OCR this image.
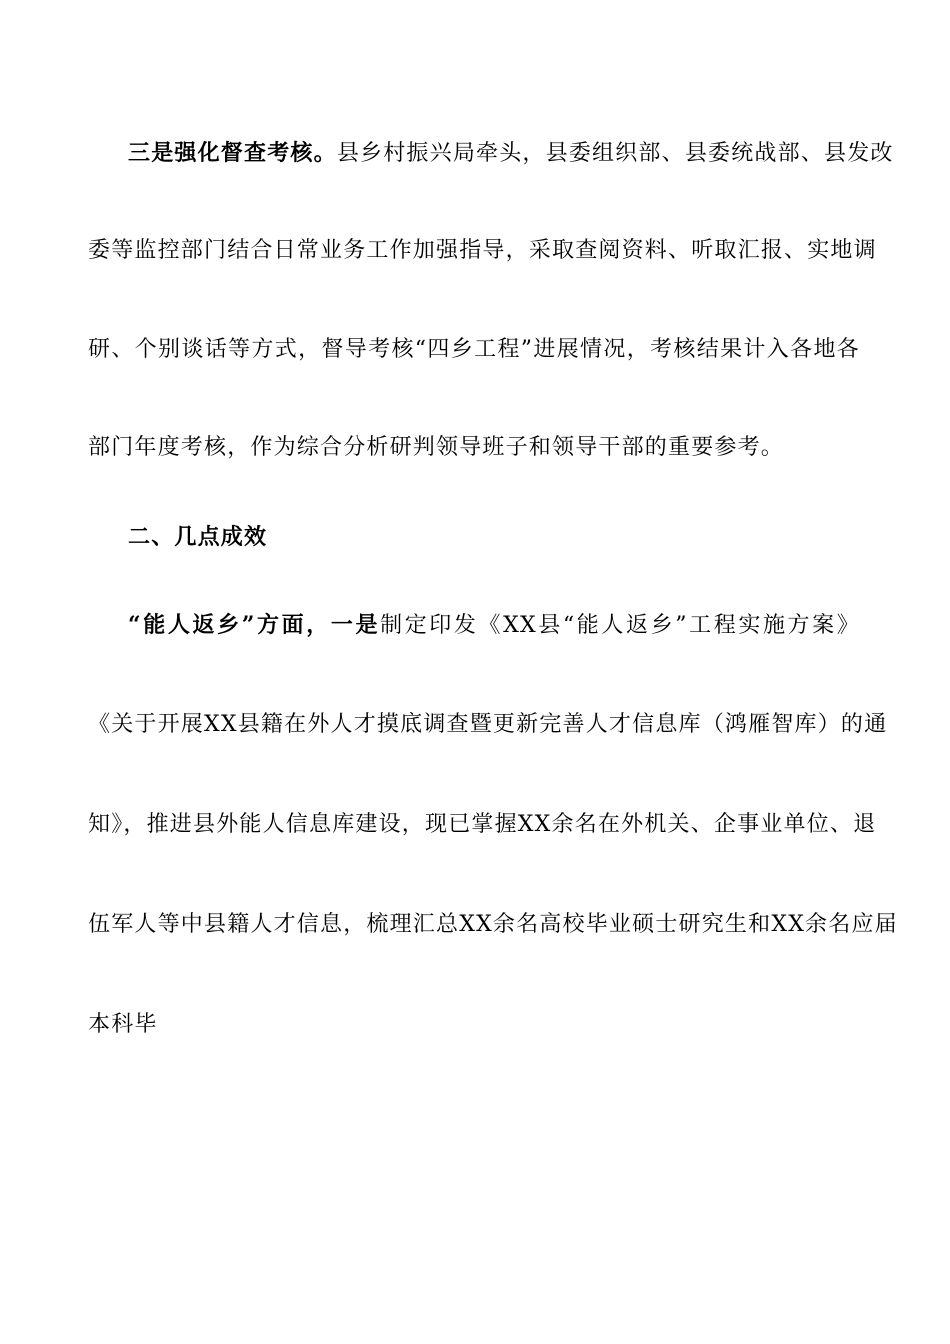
三是强化督查考核。县乡村振兴局牵头，县委组织部、县委统战部、县发改
委等监控部门结合日常业务工作加强指导，采取查阅资料、听取汇报、实地调
研、个别谈话等方式，督导考核“四乡工程”进展情况，考核结果计入各地各
部门年度考核，作为综合分析研判领导班子和领导干部的重要参考。
二、几点成效
“能人返乡”方面，一是制定印发《XX县“能人返乡”工程实施方案》
《关于开展XX县籍在外人才摸底调查暨更新完善人才信息库（鸿雁智库）的通
知》，推进县外能人信息库建设，现已掌握XX余名在外机关、企事业单位、退
伍军人等中县籍人才信息，梳理汇总XX余名高校毕业硕士研究生和XX余名应届
本科毕
